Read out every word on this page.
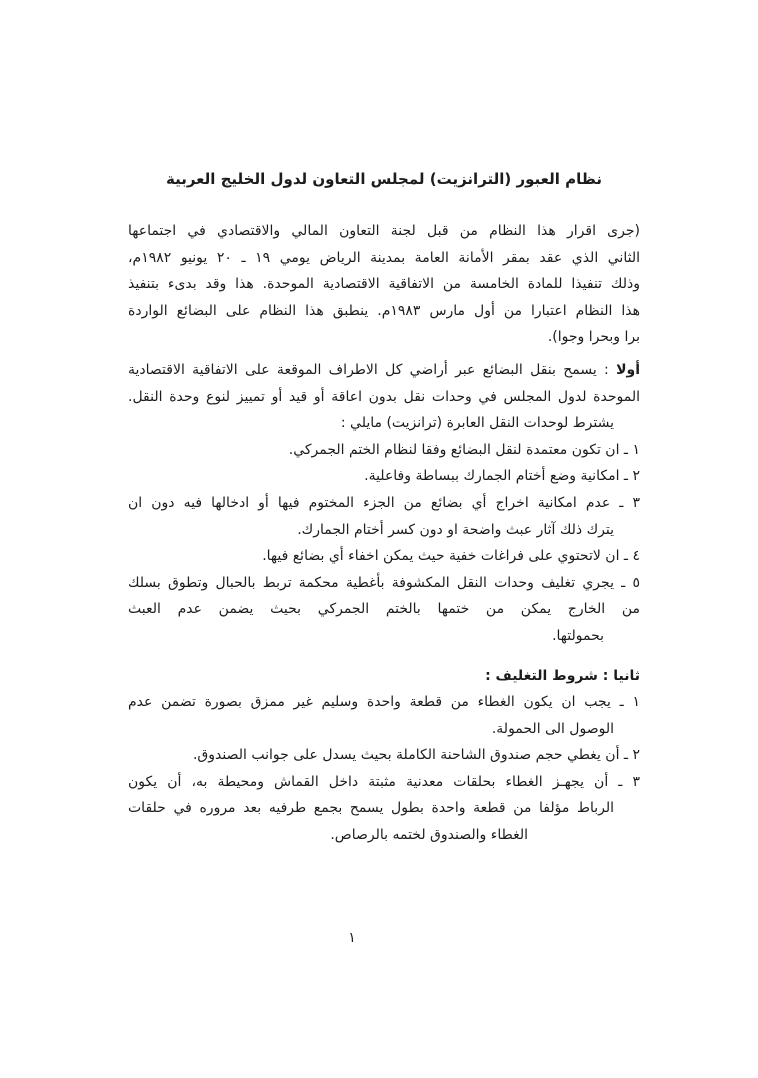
نظام العبور (الترانزيت) لمجلس التعاون لدول الخليج العربية
(جرى اقرار هذا النظام من قبل لجنة التعاون المالي والاقتصادي في اجتماعها
الثاني الذي عقد بمقر الأمانة العامة بمدينة الرياض يومي ١٩ ـ ٢٠ يونيو ١٩٨٢م،
وذلك تنفيذا للمادة الخامسة من الاتفاقية الاقتصادية الموحدة. هذا وقد بدىء بتنفيذ
هذا النظام اعتبارا من أول مارس ١٩٨٣م. ينطبق هذا النظام على البضائع الواردة
برا وبحرا وجوا).
أولا : يسمح بنقل البضائع عبر أراضي كل الاطراف الموقعة على الاتفاقية الاقتصادية
الموحدة لدول المجلس في وحدات نقل بدون اعاقة أو قيد أو تمييز لنوع وحدة النقل.
يشترط لوحدات النقل العابرة (ترانزيت) مايلي :
١ ـ ان تكون معتمدة لنقل البضائع وفقا لنظام الختم الجمركي.
٢ ـ امكانية وضع أختام الجمارك ببساطة وفاعلية.
٣ ـ عدم امكانية اخراج أي بضائع من الجزء المختوم فيها أو ادخالها فيه دون ان
يترك ذلك آثار عبث واضحة او دون كسر أختام الجمارك.
٤ ـ ان لاتحتوي على فراغات خفية حيث يمكن اخفاء أي بضائع فيها.
٥ ـ يجري تغليف وحدات النقل المكشوفة بأغطية محكمة تربط بالحبال وتطوق بسلك
من الخارج يمكن من ختمها بالختم الجمركي بحيث يضمن عدم العبث
بحمولتها.
ثانيا : شروط التغليف :
١ ـ يجب ان يكون الغطاء من قطعة واحدة وسليم غير ممزق بصورة تضمن عدم
الوصول الى الحمولة.
٢ ـ أن يغطي حجم صندوق الشاحنة الكاملة بحيث يسدل على جوانب الصندوق.
٣ ـ أن يجهـز الغطاء بحلقات معدنية مثبتة داخل القماش ومحيطة به، أن يكون
الرباط مؤلفا من قطعة واحدة بطول يسمح بجمع طرفيه بعد مروره في حلقات
الغطاء والصندوق لختمه بالرصاص.
١
